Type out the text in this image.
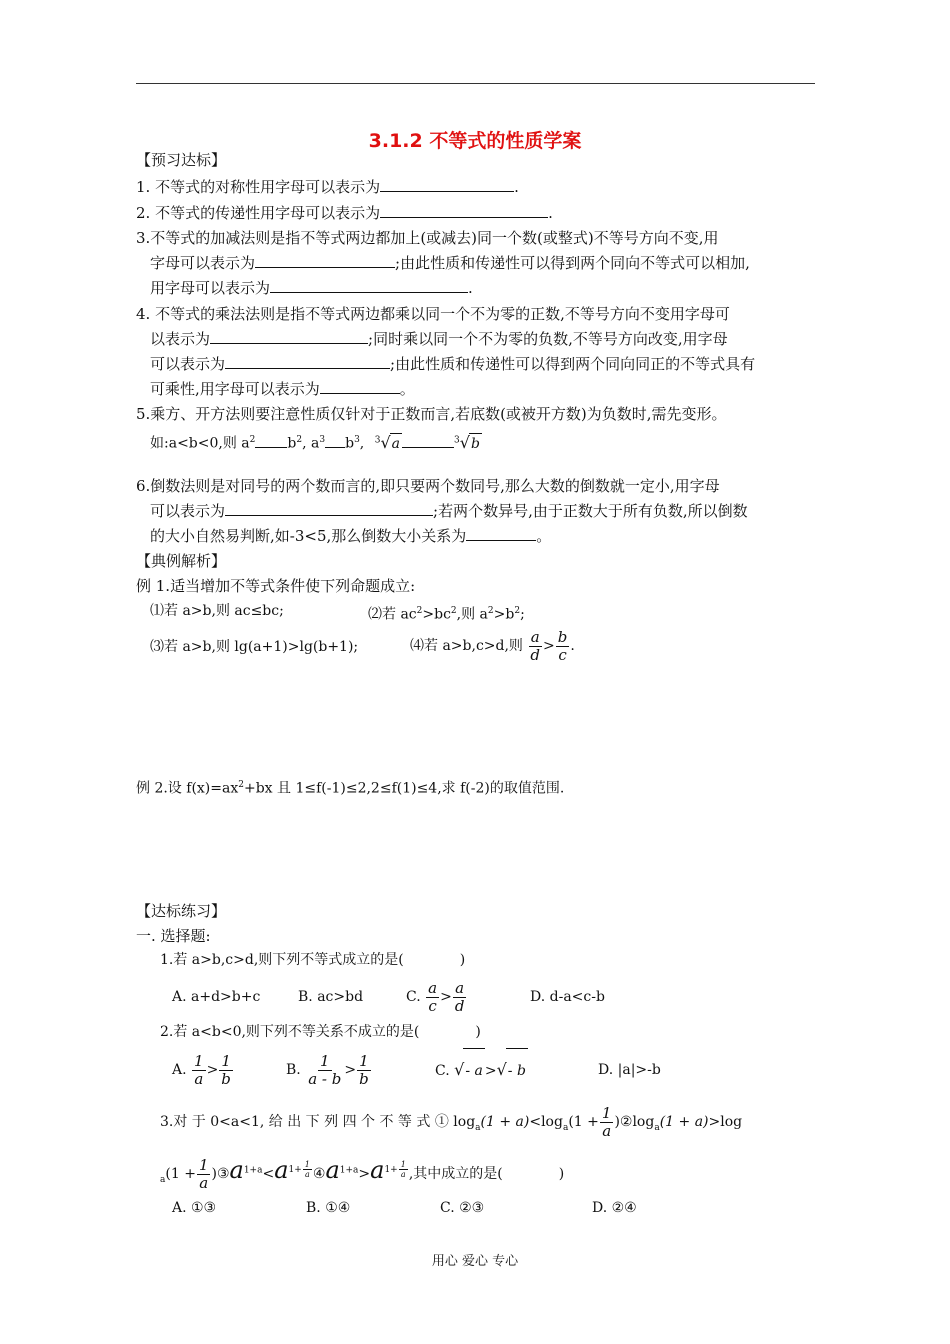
3.1.2 不等式的性质学案
【预习达标】
1. 不等式的对称性用字母可以表示为	.
2. 不等式的传递性用字母可以表示为	.
3.不等式的加减法则是指不等式两边都加上(或减去)同一个数(或整式)不等号方向不变,用
字母可以表示为	;由此性质和传递性可以得到两个同向不等式可以相加,
用字母可以表示为	.
4. 不等式的乘法法则是指不等式两边都乘以同一个不为零的正数,不等号方向不变用字母可
以表示为	;同时乘以同一个不为零的负数,不等号方向改变,用字母
可以表示为	;由此性质和传递性可以得到两个同向同正的不等式具有
可乘性,用字母可以表示为	。
5.乘方、开方法则要注意性质仅针对于正数而言,若底数(或被开方数)为负数时,需先变形。
如:a<b<0,则 $a^2$ $b^2$, $a^3$ $b^3$, $^3$√a	$^3$√b
6.倒数法则是对同号的两个数而言的,即只要两个数同号,那么大数的倒数就一定小,用字母
可以表示为	;若两个数异号,由于正数大于所有负数,所以倒数
的大小自然易判断,如-3<5,那么倒数大小关系为	。
【典例解析】
例 1.适当增加不等式条件使下列命题成立:
⑴若 a>b,则 ac≤bc;	⑵若 $ac^2>bc^2$,则 $a^2>b^2$;
⑶若 a>b,则 lg(a+1)>lg(b+1);	⑷若 a>b,c>d,则 $\frac{a}{d} > \frac{b}{c}$ .
例 2.设 $f(x)=ax^2+bx$ 且 1≤f(-1)≤2,2≤f(1)≤4,求 f(-2)的取值范围.
【达标练习】
一. 选择题:
1.若 a>b,c>d,则下列不等式成立的是(　　　　)
A. a+d>b+c	B. ac>bd	C. $\frac{a}{c} > \frac{a}{d}$	D. d-a<c-b
2.若 a<b<0,则下列不等关系不成立的是(　　　　)
A. $\frac{1}{a} > \frac{1}{b}$	B. $\frac{1}{a - b} > \frac{1}{b}$	C. √- a >√- b	D. |a|>-b
3.对 于 0<a<1, 给 出 下 列 四 个 不 等 式 ① $\log_a(1 + a)<\log_a(1 + \frac{1}{a}$ )$②\log_a(1 + a)>\log$
$_a(1 + \frac{1}{a}$ )$③a^{1+a}<a^{1+ \frac{1}{a}}$ $④a^{1+a}>a^{1+ \frac{1}{a}}$ ,其中成立的是(　　　　)
A. ①③	B. ①④	C. ②③	D. ②④
用心 爱心 专心
